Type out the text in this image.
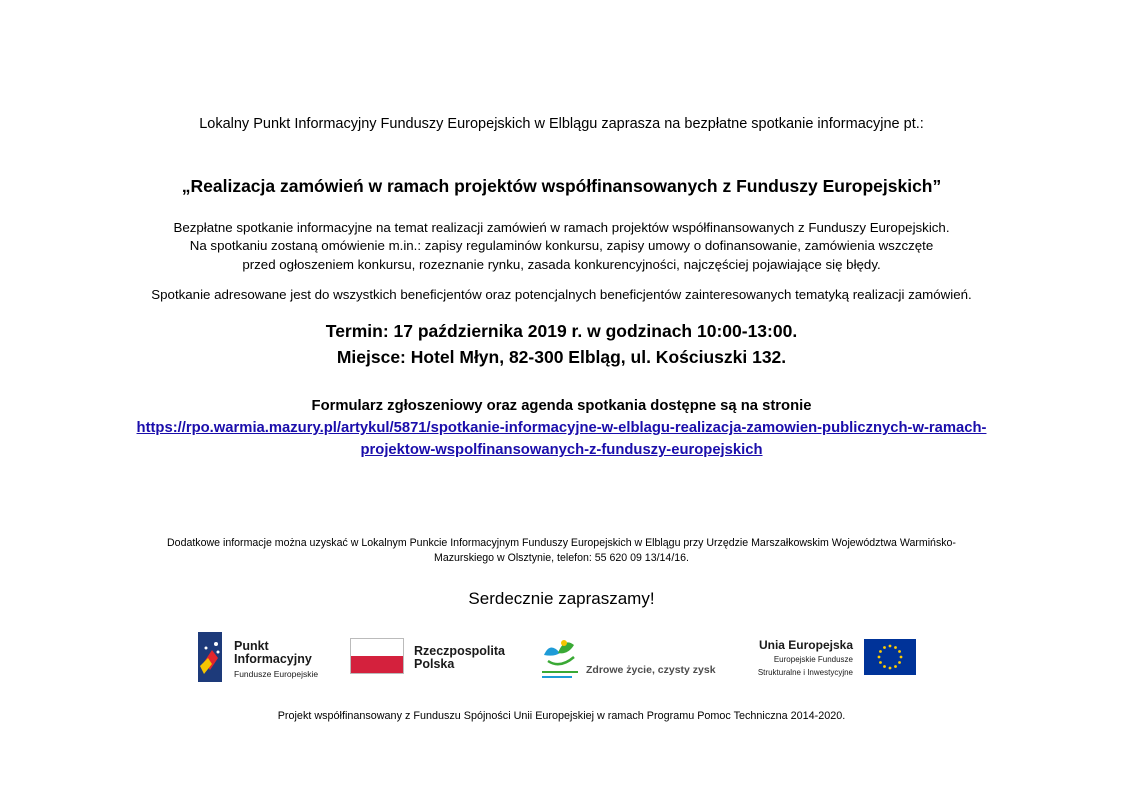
Lokalny Punkt Informacyjny Funduszy Europejskich w Elblągu zaprasza na bezpłatne spotkanie informacyjne pt.:
„Realizacja zamówień w ramach projektów współfinansowanych z Funduszy Europejskich”
Bezpłatne spotkanie informacyjne na temat realizacji zamówień w ramach projektów współfinansowanych z Funduszy Europejskich.
Na spotkaniu zostaną omówienie m.in.: zapisy regulaminów konkursu, zapisy umowy o dofinansowanie, zamówienia wszczęte
przed ogłoszeniem konkursu, rozeznanie rynku, zasada konkurencyjności, najczęściej pojawiające się błędy.
Spotkanie adresowane jest do wszystkich beneficjentów oraz potencjalnych beneficjentów zainteresowanych tematyką realizacji zamówień.
Termin: 17 października 2019 r. w godzinach 10:00-13:00.
Miejsce: Hotel Młyn, 82-300 Elbląg, ul. Kościuszki 132.
Formularz zgłoszeniowy oraz agenda spotkania dostępne są na stronie
https://rpo.warmia.mazury.pl/artykul/5871/spotkanie-informacyjne-w-elblagu-realizacja-zamowien-publicznych-w-ramach-
projektow-wspolfinansowanych-z-funduszy-europejskich
Dodatkowe informacje można uzyskać w Lokalnym Punkcie Informacyjnym Funduszy Europejskich w Elblągu przy Urzędzie Marszałkowskim Województwa Warmińsko-
Mazurskiego w Olsztynie, telefon: 55 620 09 13/14/16.
Serdecznie zapraszamy!
Punkt
Informacyjny
Fundusze Europejskie
Rzeczpospolita
Polska	Zdrowe życie, czysty zysk
Unia Europejska
Europejskie Fundusze
Strukturalne i Inwestycyjne
Projekt współfinansowany z Funduszu Spójności Unii Europejskiej w ramach Programu Pomoc Techniczna 2014-2020.
